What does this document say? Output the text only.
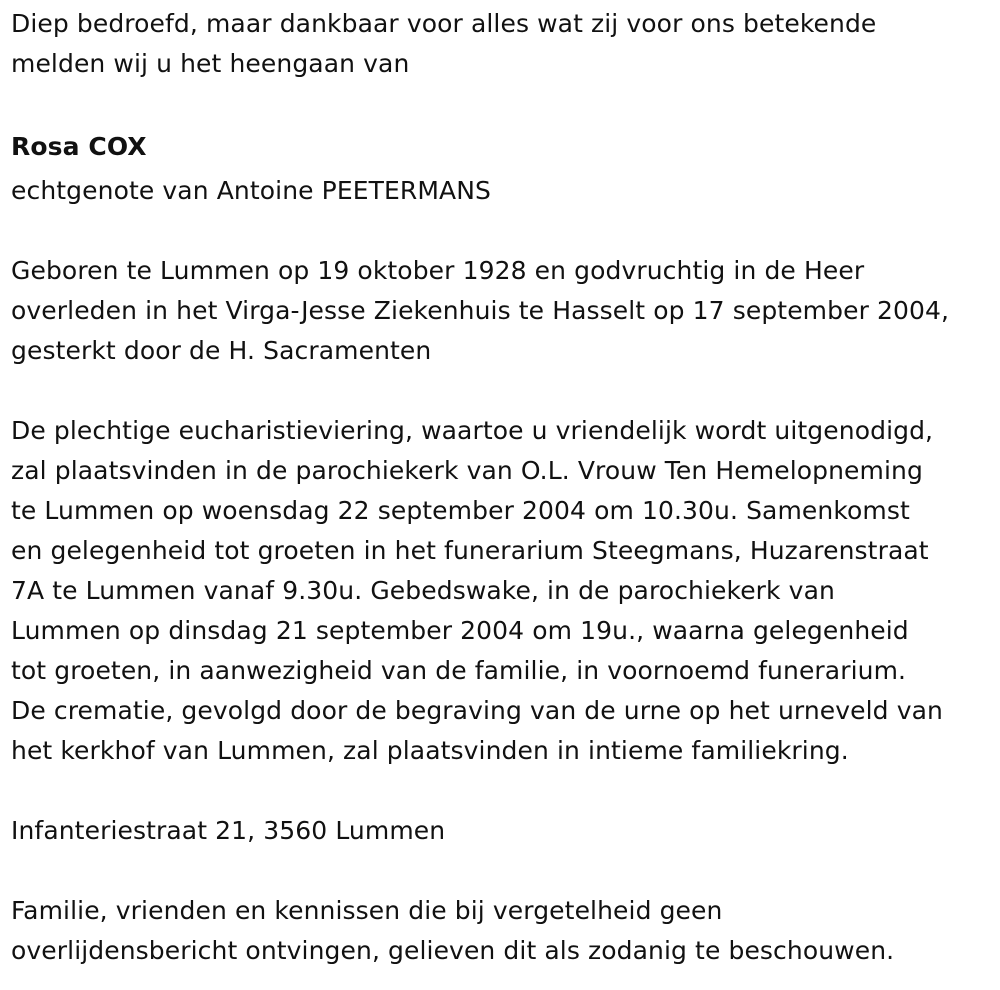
Diep bedroefd, maar dankbaar voor alles wat zij voor ons betekende
melden wij u het heengaan van
Rosa COX
echtgenote van Antoine PEETERMANS
Geboren te Lummen op 19 oktober 1928 en godvruchtig in de Heer
overleden in het Virga-Jesse Ziekenhuis te Hasselt op 17 september 2004,
gesterkt door de H. Sacramenten
De plechtige eucharistieviering, waartoe u vriendelijk wordt uitgenodigd,
zal plaatsvinden in de parochiekerk van O.L. Vrouw Ten Hemelopneming
te Lummen op woensdag 22 september 2004 om 10.30u. Samenkomst
en gelegenheid tot groeten in het funerarium Steegmans, Huzarenstraat
7A te Lummen vanaf 9.30u. Gebedswake, in de parochiekerk van
Lummen op dinsdag 21 september 2004 om 19u., waarna gelegenheid
tot groeten, in aanwezigheid van de familie, in voornoemd funerarium.
De crematie, gevolgd door de begraving van de urne op het urneveld van
het kerkhof van Lummen, zal plaatsvinden in intieme familiekring.
Infanteriestraat 21, 3560 Lummen
Familie, vrienden en kennissen die bij vergetelheid geen
overlijdensbericht ontvingen, gelieven dit als zodanig te beschouwen.
